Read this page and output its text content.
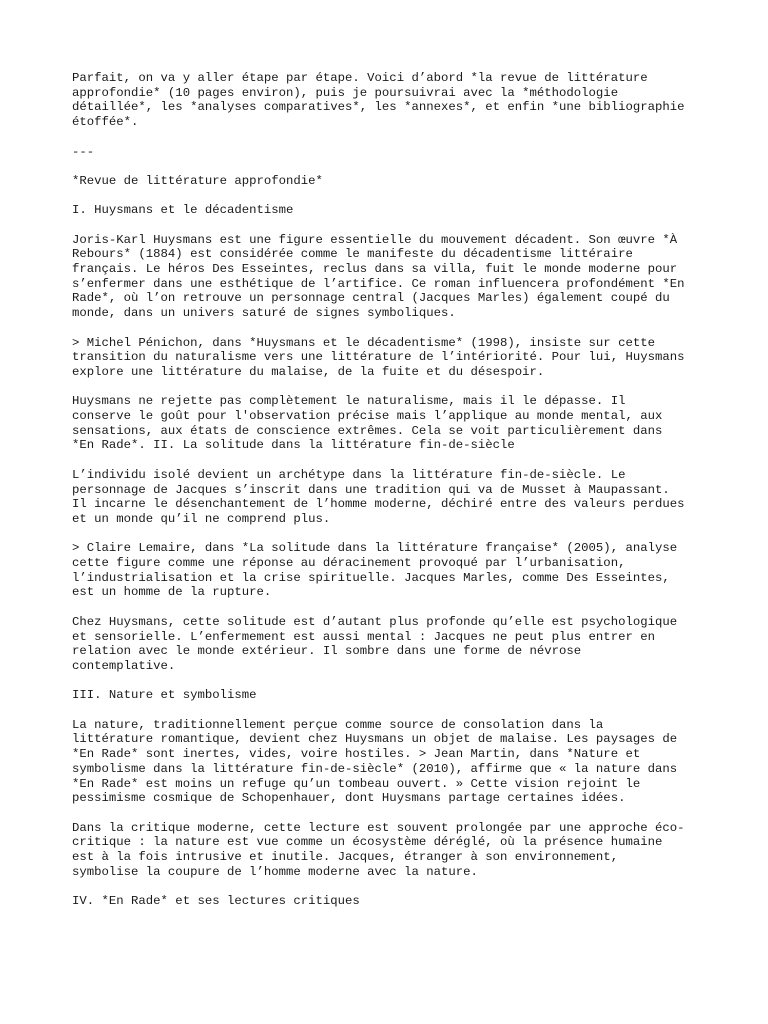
Parfait, on va y aller étape par étape. Voici d’abord *la revue de littérature
approfondie* (10 pages environ), puis je poursuivrai avec la *méthodologie
détaillée*, les *analyses comparatives*, les *annexes*, et enfin *une bibliographie
étoffée*.
---
*Revue de littérature approfondie*
I. Huysmans et le décadentisme
Joris-Karl Huysmans est une figure essentielle du mouvement décadent. Son œuvre *À
Rebours* (1884) est considérée comme le manifeste du décadentisme littéraire
français. Le héros Des Esseintes, reclus dans sa villa, fuit le monde moderne pour
s’enfermer dans une esthétique de l’artifice. Ce roman influencera profondément *En
Rade*, où l’on retrouve un personnage central (Jacques Marles) également coupé du
monde, dans un univers saturé de signes symboliques.
> Michel Pénichon, dans *Huysmans et le décadentisme* (1998), insiste sur cette
transition du naturalisme vers une littérature de l’intériorité. Pour lui, Huysmans
explore une littérature du malaise, de la fuite et du désespoir.
Huysmans ne rejette pas complètement le naturalisme, mais il le dépasse. Il
conserve le goût pour l'observation précise mais l’applique au monde mental, aux
sensations, aux états de conscience extrêmes. Cela se voit particulièrement dans
*En Rade*. II. La solitude dans la littérature fin-de-siècle
L’individu isolé devient un archétype dans la littérature fin-de-siècle. Le
personnage de Jacques s’inscrit dans une tradition qui va de Musset à Maupassant.
Il incarne le désenchantement de l’homme moderne, déchiré entre des valeurs perdues
et un monde qu’il ne comprend plus.
> Claire Lemaire, dans *La solitude dans la littérature française* (2005), analyse
cette figure comme une réponse au déracinement provoqué par l’urbanisation,
l’industrialisation et la crise spirituelle. Jacques Marles, comme Des Esseintes,
est un homme de la rupture.
Chez Huysmans, cette solitude est d’autant plus profonde qu’elle est psychologique
et sensorielle. L’enfermement est aussi mental : Jacques ne peut plus entrer en
relation avec le monde extérieur. Il sombre dans une forme de névrose
contemplative.
III. Nature et symbolisme
La nature, traditionnellement perçue comme source de consolation dans la
littérature romantique, devient chez Huysmans un objet de malaise. Les paysages de
*En Rade* sont inertes, vides, voire hostiles. > Jean Martin, dans *Nature et
symbolisme dans la littérature fin-de-siècle* (2010), affirme que « la nature dans
*En Rade* est moins un refuge qu’un tombeau ouvert. » Cette vision rejoint le
pessimisme cosmique de Schopenhauer, dont Huysmans partage certaines idées.
Dans la critique moderne, cette lecture est souvent prolongée par une approche éco-
critique : la nature est vue comme un écosystème déréglé, où la présence humaine
est à la fois intrusive et inutile. Jacques, étranger à son environnement,
symbolise la coupure de l’homme moderne avec la nature.
IV. *En Rade* et ses lectures critiques
